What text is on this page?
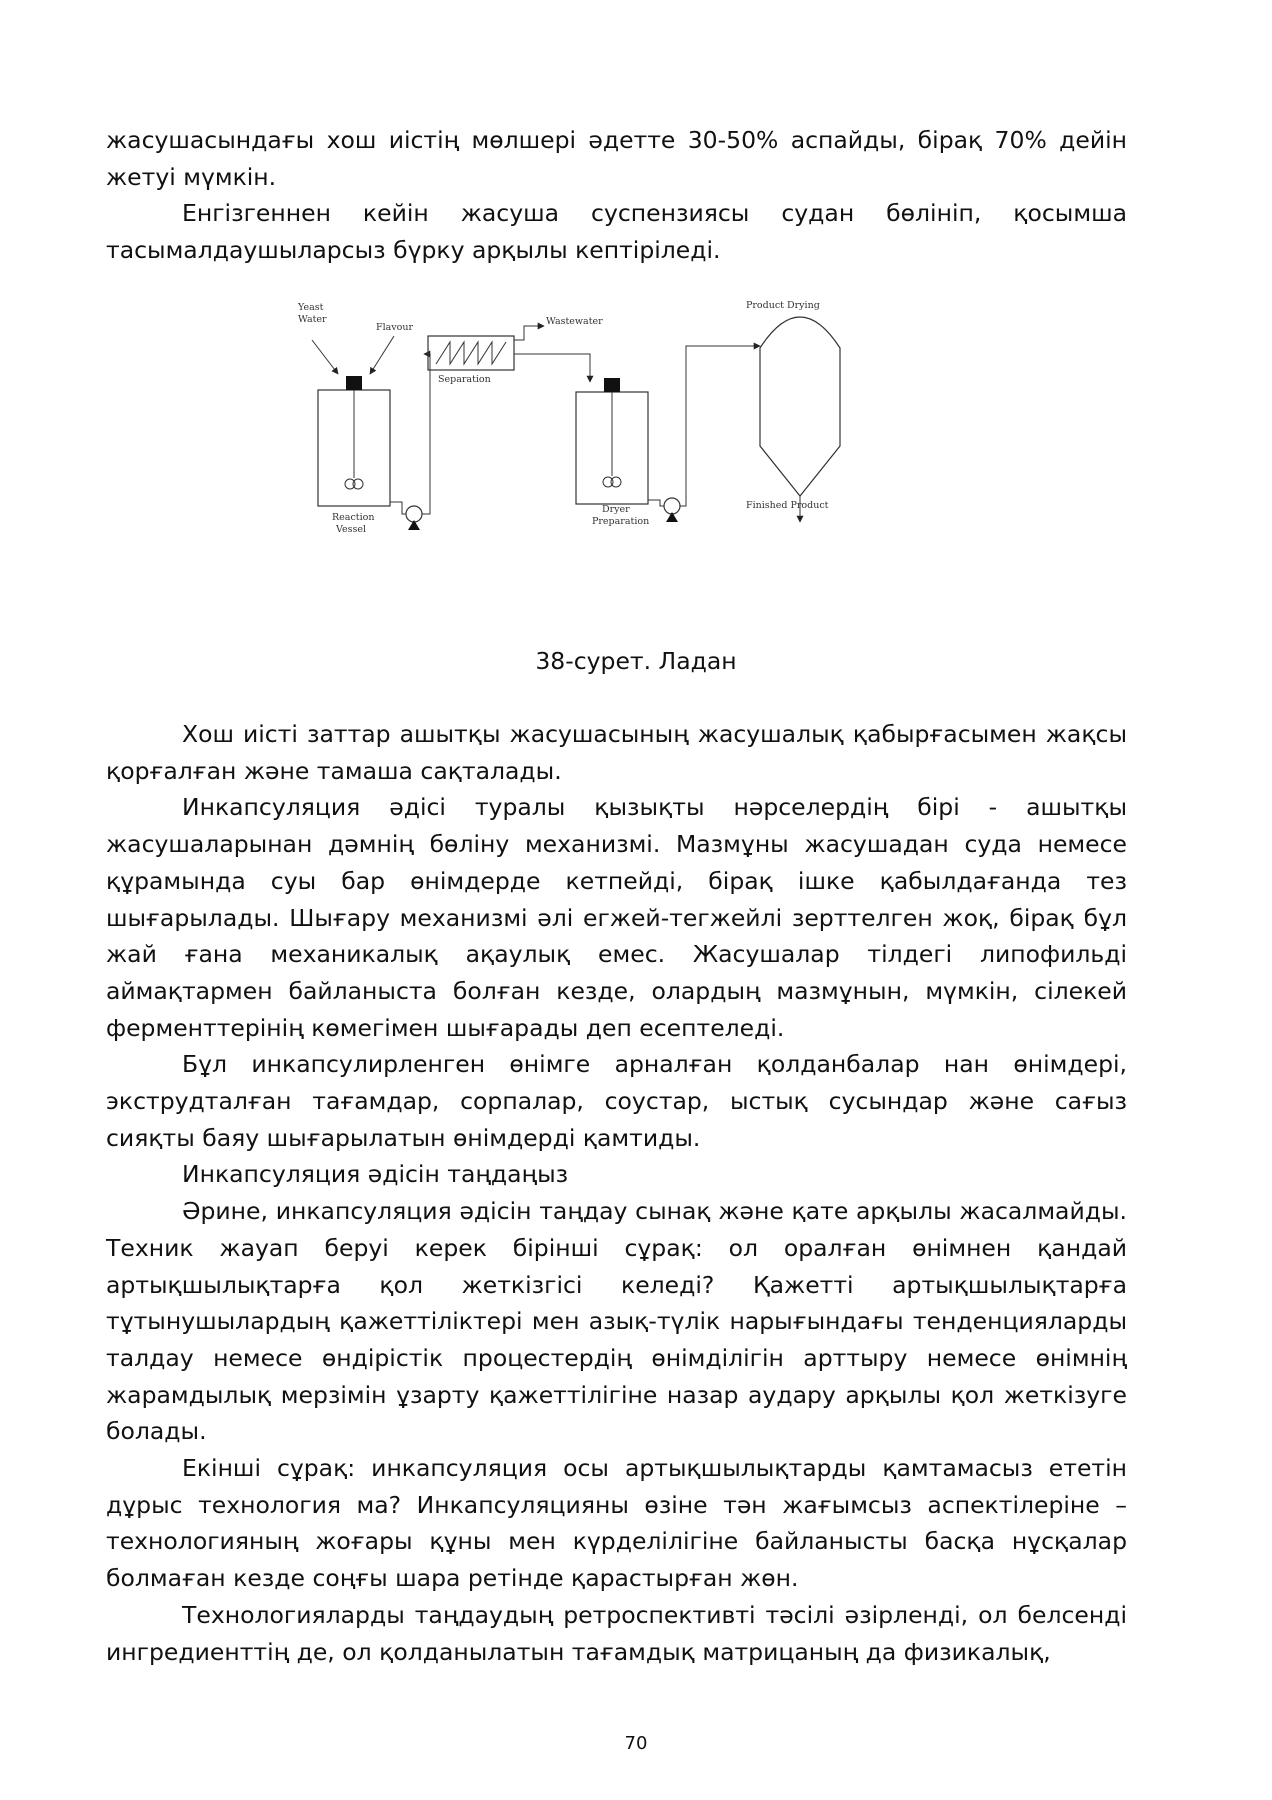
жасушасындағы хош иістің мөлшері әдетте 30-50% аспайды, бірақ 70% дейін жетуі мүмкін.

Енгізгеннен кейін жасуша суспензиясы судан бөлініп, қосымша тасымалдаушыларсыз бүрку арқылы кептіріледі.

Yeast
Water
Flavour
Reaction
Vessel
Separation
Wastewater
Dryer
Preparation
Product Drying
Finished Product
38-сурет. Ладан

Хош иісті заттар ашытқы жасушасының жасушалық қабырғасымен жақсы қорғалған және тамаша сақталады.

Инкапсуляция әдісі туралы қызықты нәрселердің бірі - ашытқы жасушаларынан дәмнің бөліну механизмі. Мазмұны жасушадан суда немесе құрамында суы бар өнімдерде кетпейді, бірақ ішке қабылдағанда тез шығарылады. Шығару механизмі әлі егжей-тегжейлі зерттелген жоқ, бірақ бұл жай ғана механикалық ақаулық емес. Жасушалар тілдегі липофильді аймақтармен байланыста болған кезде, олардың мазмұнын, мүмкін, сілекей ферменттерінің көмегімен шығарады деп есептеледі.

Бұл инкапсулирленген өнімге арналған қолданбалар нан өнімдері, экструдталған тағамдар, сорпалар, соустар, ыстық сусындар және сағыз сияқты баяу шығарылатын өнімдерді қамтиды.

Инкапсуляция әдісін таңдаңыз

Әрине, инкапсуляция әдісін таңдау сынақ және қате арқылы жасалмайды. Техник жауап беруі керек бірінші сұрақ: ол оралған өнімнен қандай артықшылықтарға қол жеткізгісі келеді? Қажетті артықшылықтарға тұтынушылардың қажеттіліктері мен азық-түлік нарығындағы тенденцияларды талдау немесе өндірістік процестердің өнімділігін арттыру немесе өнімнің жарамдылық мерзімін ұзарту қажеттілігіне назар аудару арқылы қол жеткізуге болады.

Екінші сұрақ: инкапсуляция осы артықшылықтарды қамтамасыз ететін дұрыс технология ма? Инкапсуляцияны өзіне тән жағымсыз аспектілеріне – технологияның жоғары құны мен күрделілігіне байланысты басқа нұсқалар болмаған кезде соңғы шара ретінде қарастырған жөн.

Технологияларды таңдаудың ретроспективті тәсілі әзірленді, ол белсенді ингредиенттің де, ол қолданылатын тағамдық матрицаның да физикалық,

70
